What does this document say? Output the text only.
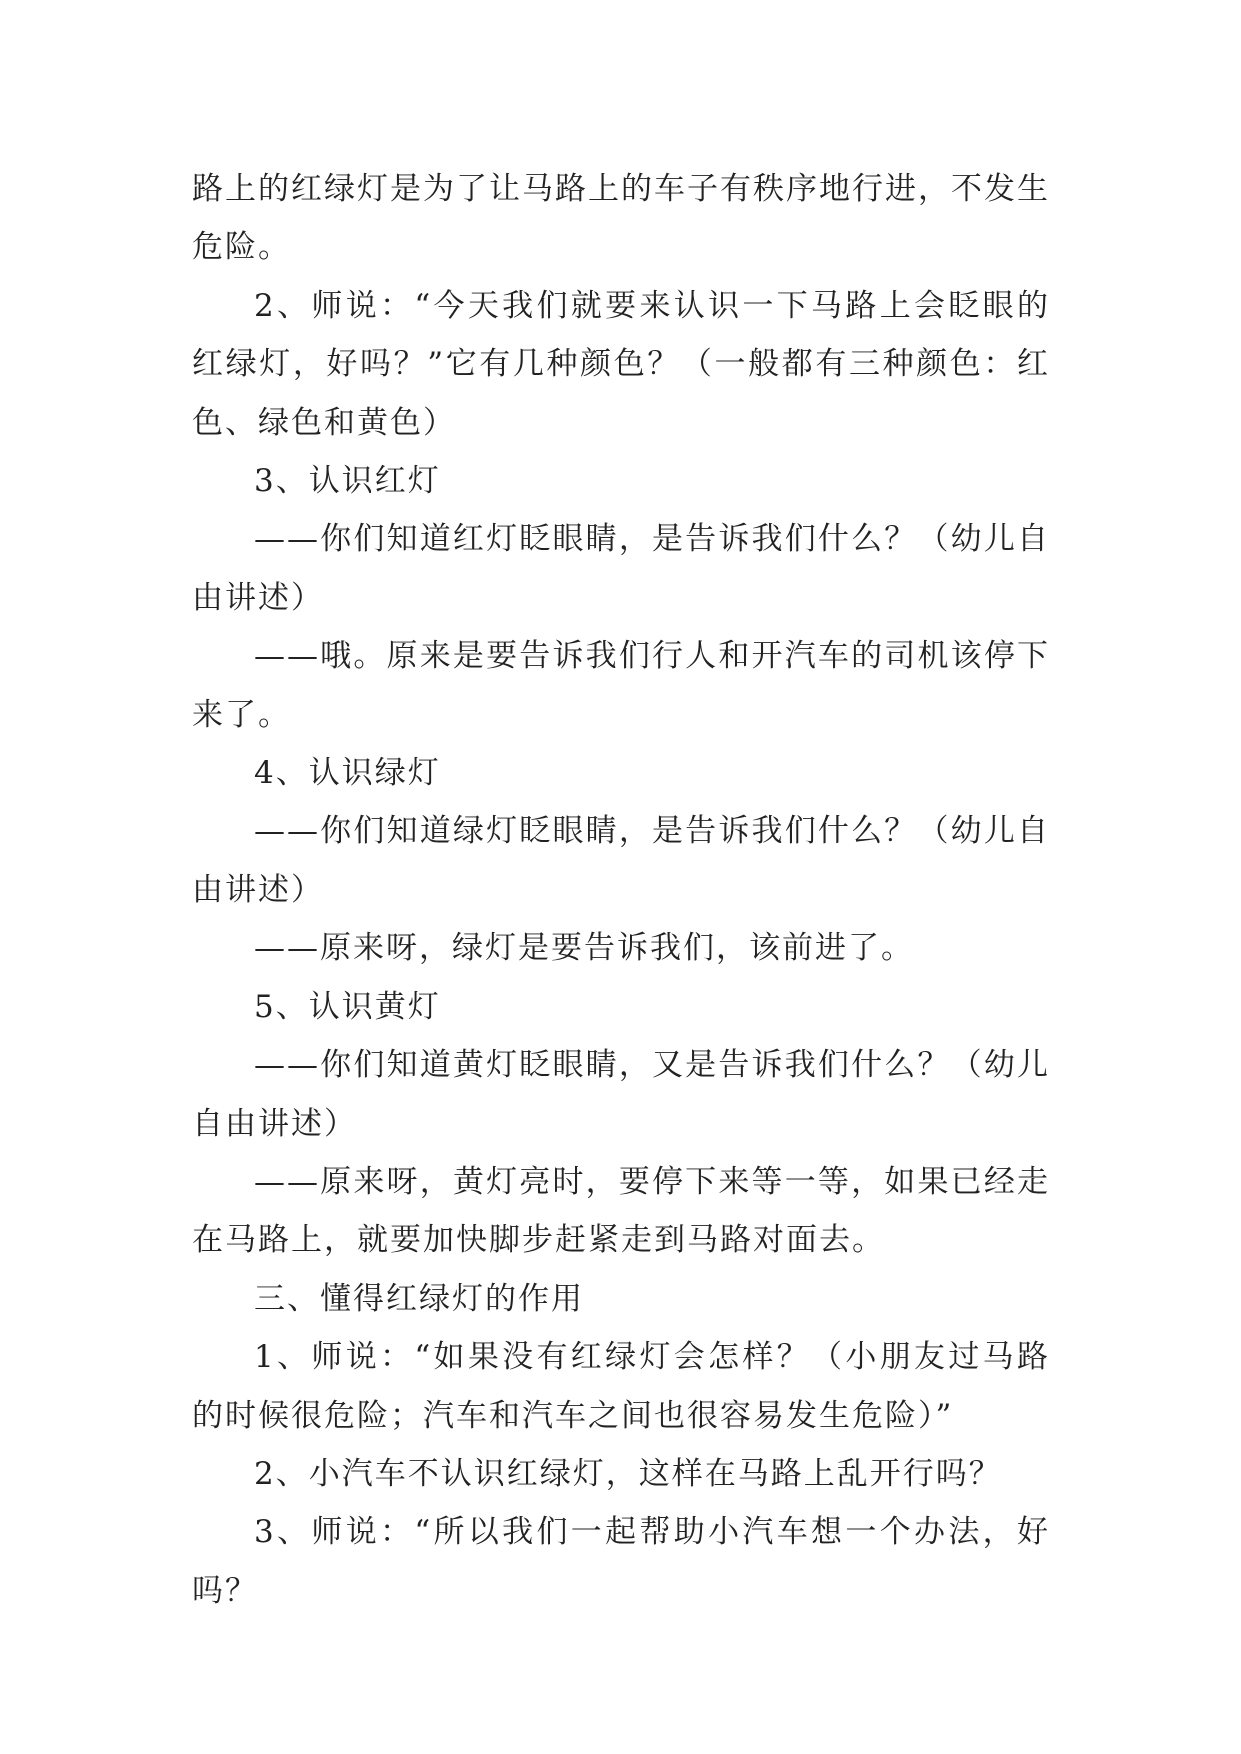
路上的红绿灯是为了让马路上的车子有秩序地行进，不发生危险。

2、师说：“今天我们就要来认识一下马路上会眨眼的红绿灯，好吗？”它有几种颜色？（一般都有三种颜色：红色、绿色和黄色）

3、认识红灯

——你们知道红灯眨眼睛，是告诉我们什么？（幼儿自由讲述）

——哦。原来是要告诉我们行人和开汽车的司机该停下来了。

4、认识绿灯

——你们知道绿灯眨眼睛，是告诉我们什么？（幼儿自由讲述）

——原来呀，绿灯是要告诉我们，该前进了。

5、认识黄灯

——你们知道黄灯眨眼睛，又是告诉我们什么？（幼儿自由讲述）

——原来呀，黄灯亮时，要停下来等一等，如果已经走在马路上，就要加快脚步赶紧走到马路对面去。

三、懂得红绿灯的作用

1、师说：“如果没有红绿灯会怎样？（小朋友过马路的时候很危险；汽车和汽车之间也很容易发生危险）”

2、小汽车不认识红绿灯，这样在马路上乱开行吗？

3、师说：“所以我们一起帮助小汽车想一个办法，好吗？
